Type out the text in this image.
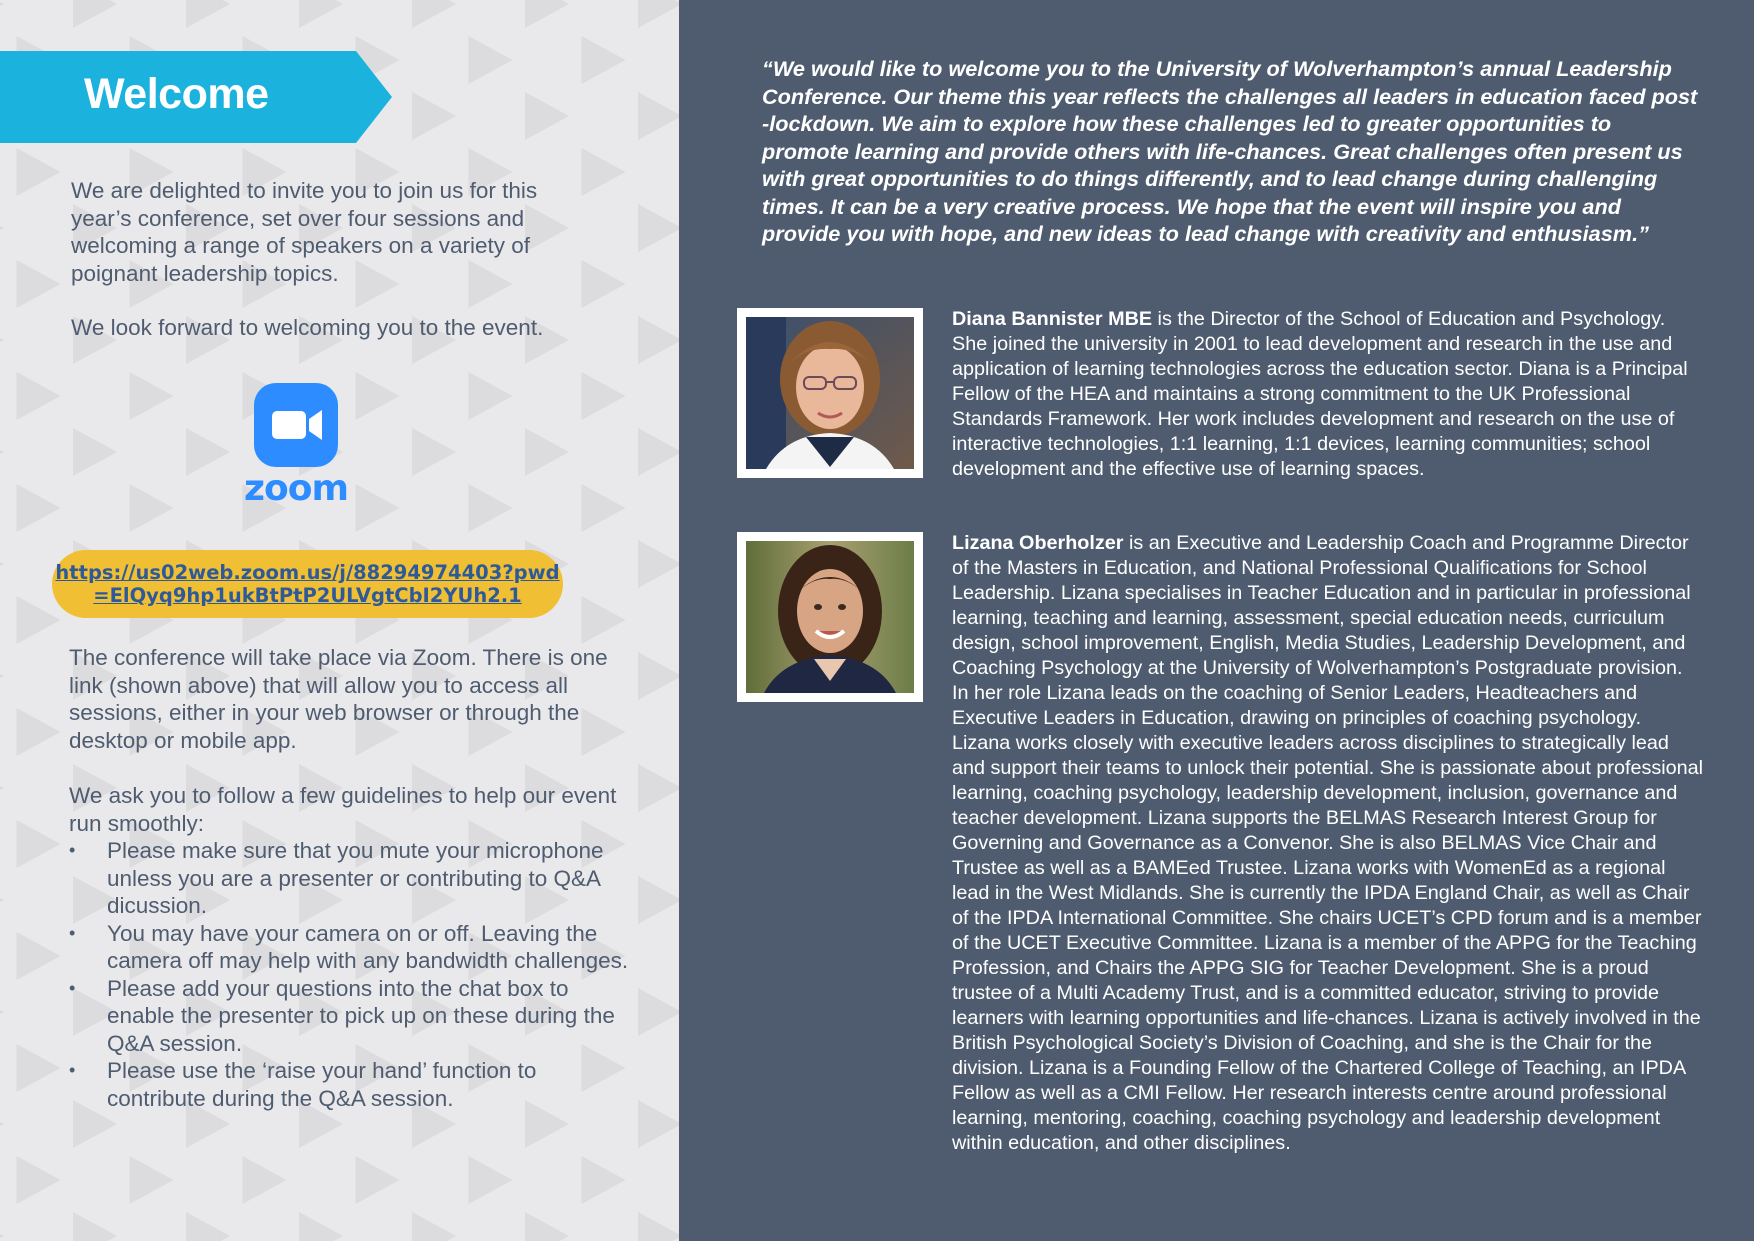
Welcome

We are delighted to invite you to join us for this year’s conference, set over four sessions and welcoming a range of speakers on a variety of poignant leadership topics.

We look forward to welcoming you to the event.

zoom
https://us02web.zoom.us/j/88294974403?pwd
=ElQyq9hp1ukBtPtP2ULVgtCbI2YUh2.1

The conference will take place via Zoom. There is one link (shown above) that will allow you to access all sessions, either in your web browser or through the desktop or mobile app.

We ask you to follow a few guidelines to help our event run smoothly:

• Please make sure that you mute your microphone unless you are a presenter or contributing to Q&A dicussion.
• You may have your camera on or off. Leaving the camera off may help with any bandwidth challenges.
• Please add your questions into the chat box to enable the presenter to pick up on these during the Q&A session.
• Please use the ‘raise your hand’ function to contribute during the Q&A session.

“We would like to welcome you to the University of Wolverhampton’s annual Leadership Conference. Our theme this year reflects the challenges all leaders in education faced post -lockdown. We aim to explore how these challenges led to greater opportunities to promote learning and provide others with life-chances. Great challenges often present us with great opportunities to do things differently, and to lead change during challenging times. It can be a very creative process. We hope that the event will inspire you and provide you with hope, and new ideas to lead change with creativity and enthusiasm.”

Diana Bannister MBE is the Director of the School of Education and Psychology. She joined the university in 2001 to lead development and research in the use and application of learning technologies across the education sector. Diana is a Principal Fellow of the HEA and maintains a strong commitment to the UK Professional Standards Framework. Her work includes development and research on the use of interactive technologies, 1:1 learning, 1:1 devices, learning communities; school development and the effective use of learning spaces.

Lizana Oberholzer is an Executive and Leadership Coach and Programme Director of the Masters in Education, and National Professional Qualifications for School Leadership. Lizana specialises in Teacher Education and in particular in professional learning, teaching and learning, assessment, special education needs, curriculum design, school improvement, English, Media Studies, Leadership Development, and Coaching Psychology at the University of Wolverhampton’s Postgraduate provision. In her role Lizana leads on the coaching of Senior Leaders, Headteachers and Executive Leaders in Education, drawing on principles of coaching psychology. Lizana works closely with executive leaders across disciplines to strategically lead and support their teams to unlock their potential. She is passionate about professional learning, coaching psychology, leadership development, inclusion, governance and teacher development. Lizana supports the BELMAS Research Interest Group for Governing and Governance as a Convenor. She is also BELMAS Vice Chair and Trustee as well as a BAMEed Trustee. Lizana works with WomenEd as a regional lead in the West Midlands. She is currently the IPDA England Chair, as well as Chair of the IPDA International Committee. She chairs UCET’s CPD forum and is a member of the UCET Executive Committee. Lizana is a member of the APPG for the Teaching Profession, and Chairs the APPG SIG for Teacher Development. She is a proud trustee of a Multi Academy Trust, and is a committed educator, striving to provide learners with learning opportunities and life-chances. Lizana is actively involved in the British Psychological Society’s Division of Coaching, and she is the Chair for the division. Lizana is a Founding Fellow of the Chartered College of Teaching, an IPDA Fellow as well as a CMI Fellow. Her research interests centre around professional learning, mentoring, coaching, coaching psychology and leadership development within education, and other disciplines.
